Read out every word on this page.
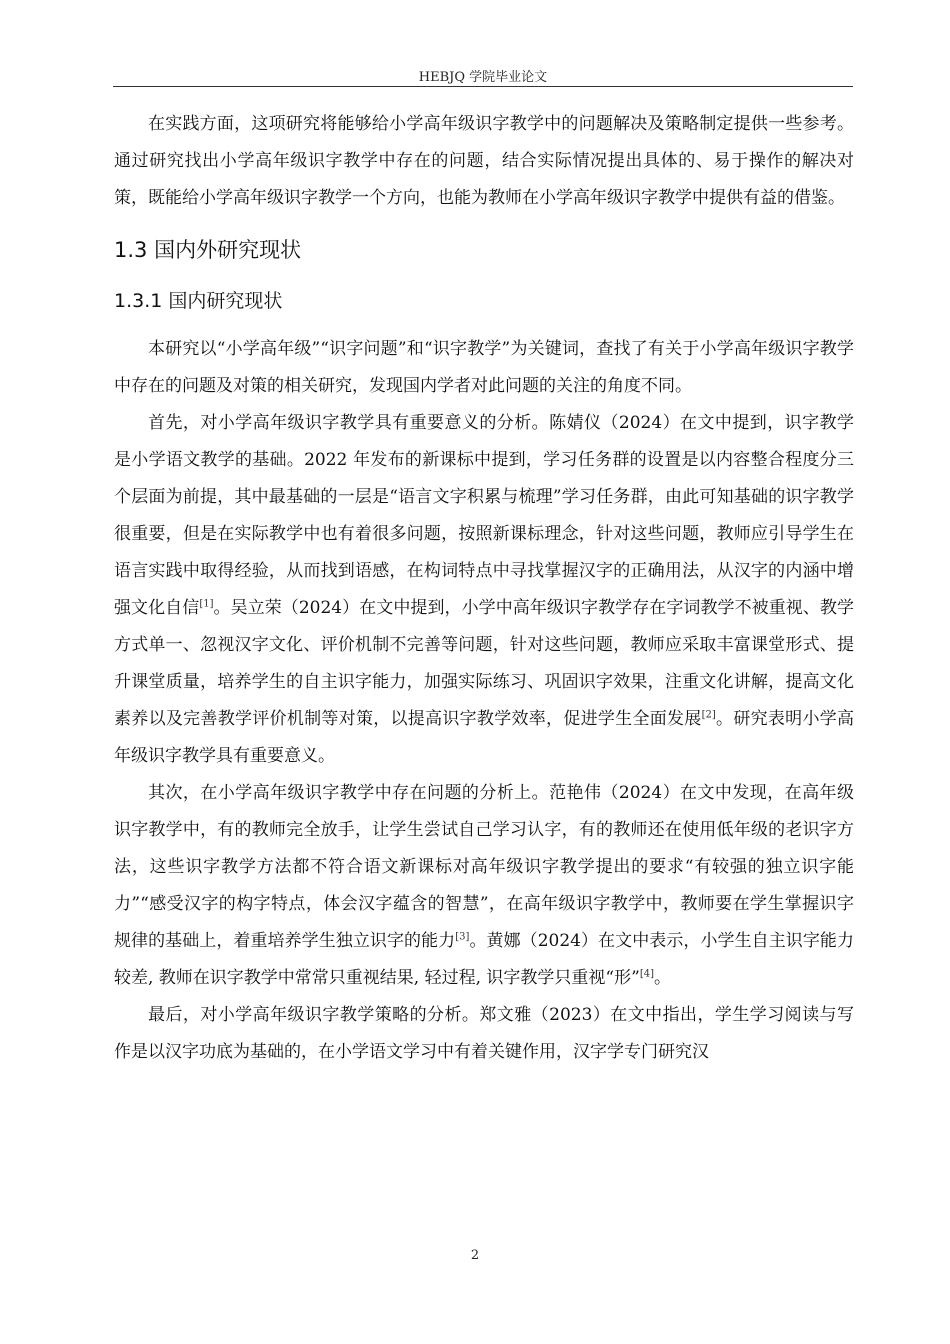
HEBJQ 学院毕业论文

在实践方面，这项研究将能够给小学高年级识字教学中的问题解决及策略制定提供一些参考。通过研究找出小学高年级识字教学中存在的问题，结合实际情况提出具体的、易于操作的解决对策，既能给小学高年级识字教学一个方向，也能为教师在小学高年级识字教学中提供有益的借鉴。

1.3 国内外研究现状
1.3.1 国内研究现状

本研究以“小学高年级”“识字问题”和“识字教学”为关键词，查找了有关于小学高年级识字教学中存在的问题及对策的相关研究，发现国内学者对此问题的关注的角度不同。

首先，对小学高年级识字教学具有重要意义的分析。陈婧仪（2024）在文中提到，识字教学是小学语文教学的基础。2022 年发布的新课标中提到，学习任务群的设置是以内容整合程度分三个层面为前提，其中最基础的一层是“语言文字积累与梳理”学习任务群，由此可知基础的识字教学很重要，但是在实际教学中也有着很多问题，按照新课标理念，针对这些问题，教师应引导学生在语言实践中取得经验，从而找到语感，在构词特点中寻找掌握汉字的正确用法，从汉字的内涵中增强文化自信[1]。吴立荣（2024）在文中提到，小学中高年级识字教学存在字词教学不被重视、教学方式单一、忽视汉字文化、评价机制不完善等问题，针对这些问题，教师应采取丰富课堂形式、提升课堂质量，培养学生的自主识字能力，加强实际练习、巩固识字效果，注重文化讲解，提高文化素养以及完善教学评价机制等对策，以提高识字教学效率，促进学生全面发展[2]。研究表明小学高年级识字教学具有重要意义。

其次，在小学高年级识字教学中存在问题的分析上。范艳伟（2024）在文中发现，在高年级识字教学中，有的教师完全放手，让学生尝试自己学习认字，有的教师还在使用低年级的老识字方法，这些识字教学方法都不符合语文新课标对高年级识字教学提出的要求“有较强的独立识字能力”“感受汉字的构字特点，体会汉字蕴含的智慧”，在高年级识字教学中，教师要在学生掌握识字规律的基础上，着重培养学生独立识字的能力[3]。黄娜（2024）在文中表示，小学生自主识字能力较差, 教师在识字教学中常常只重视结果, 轻过程, 识字教学只重视“形”[4]。

最后，对小学高年级识字教学策略的分析。郑文雅（2023）在文中指出，学生学习阅读与写作是以汉字功底为基础的，在小学语文学习中有着关键作用，汉字学专门研究汉

2
